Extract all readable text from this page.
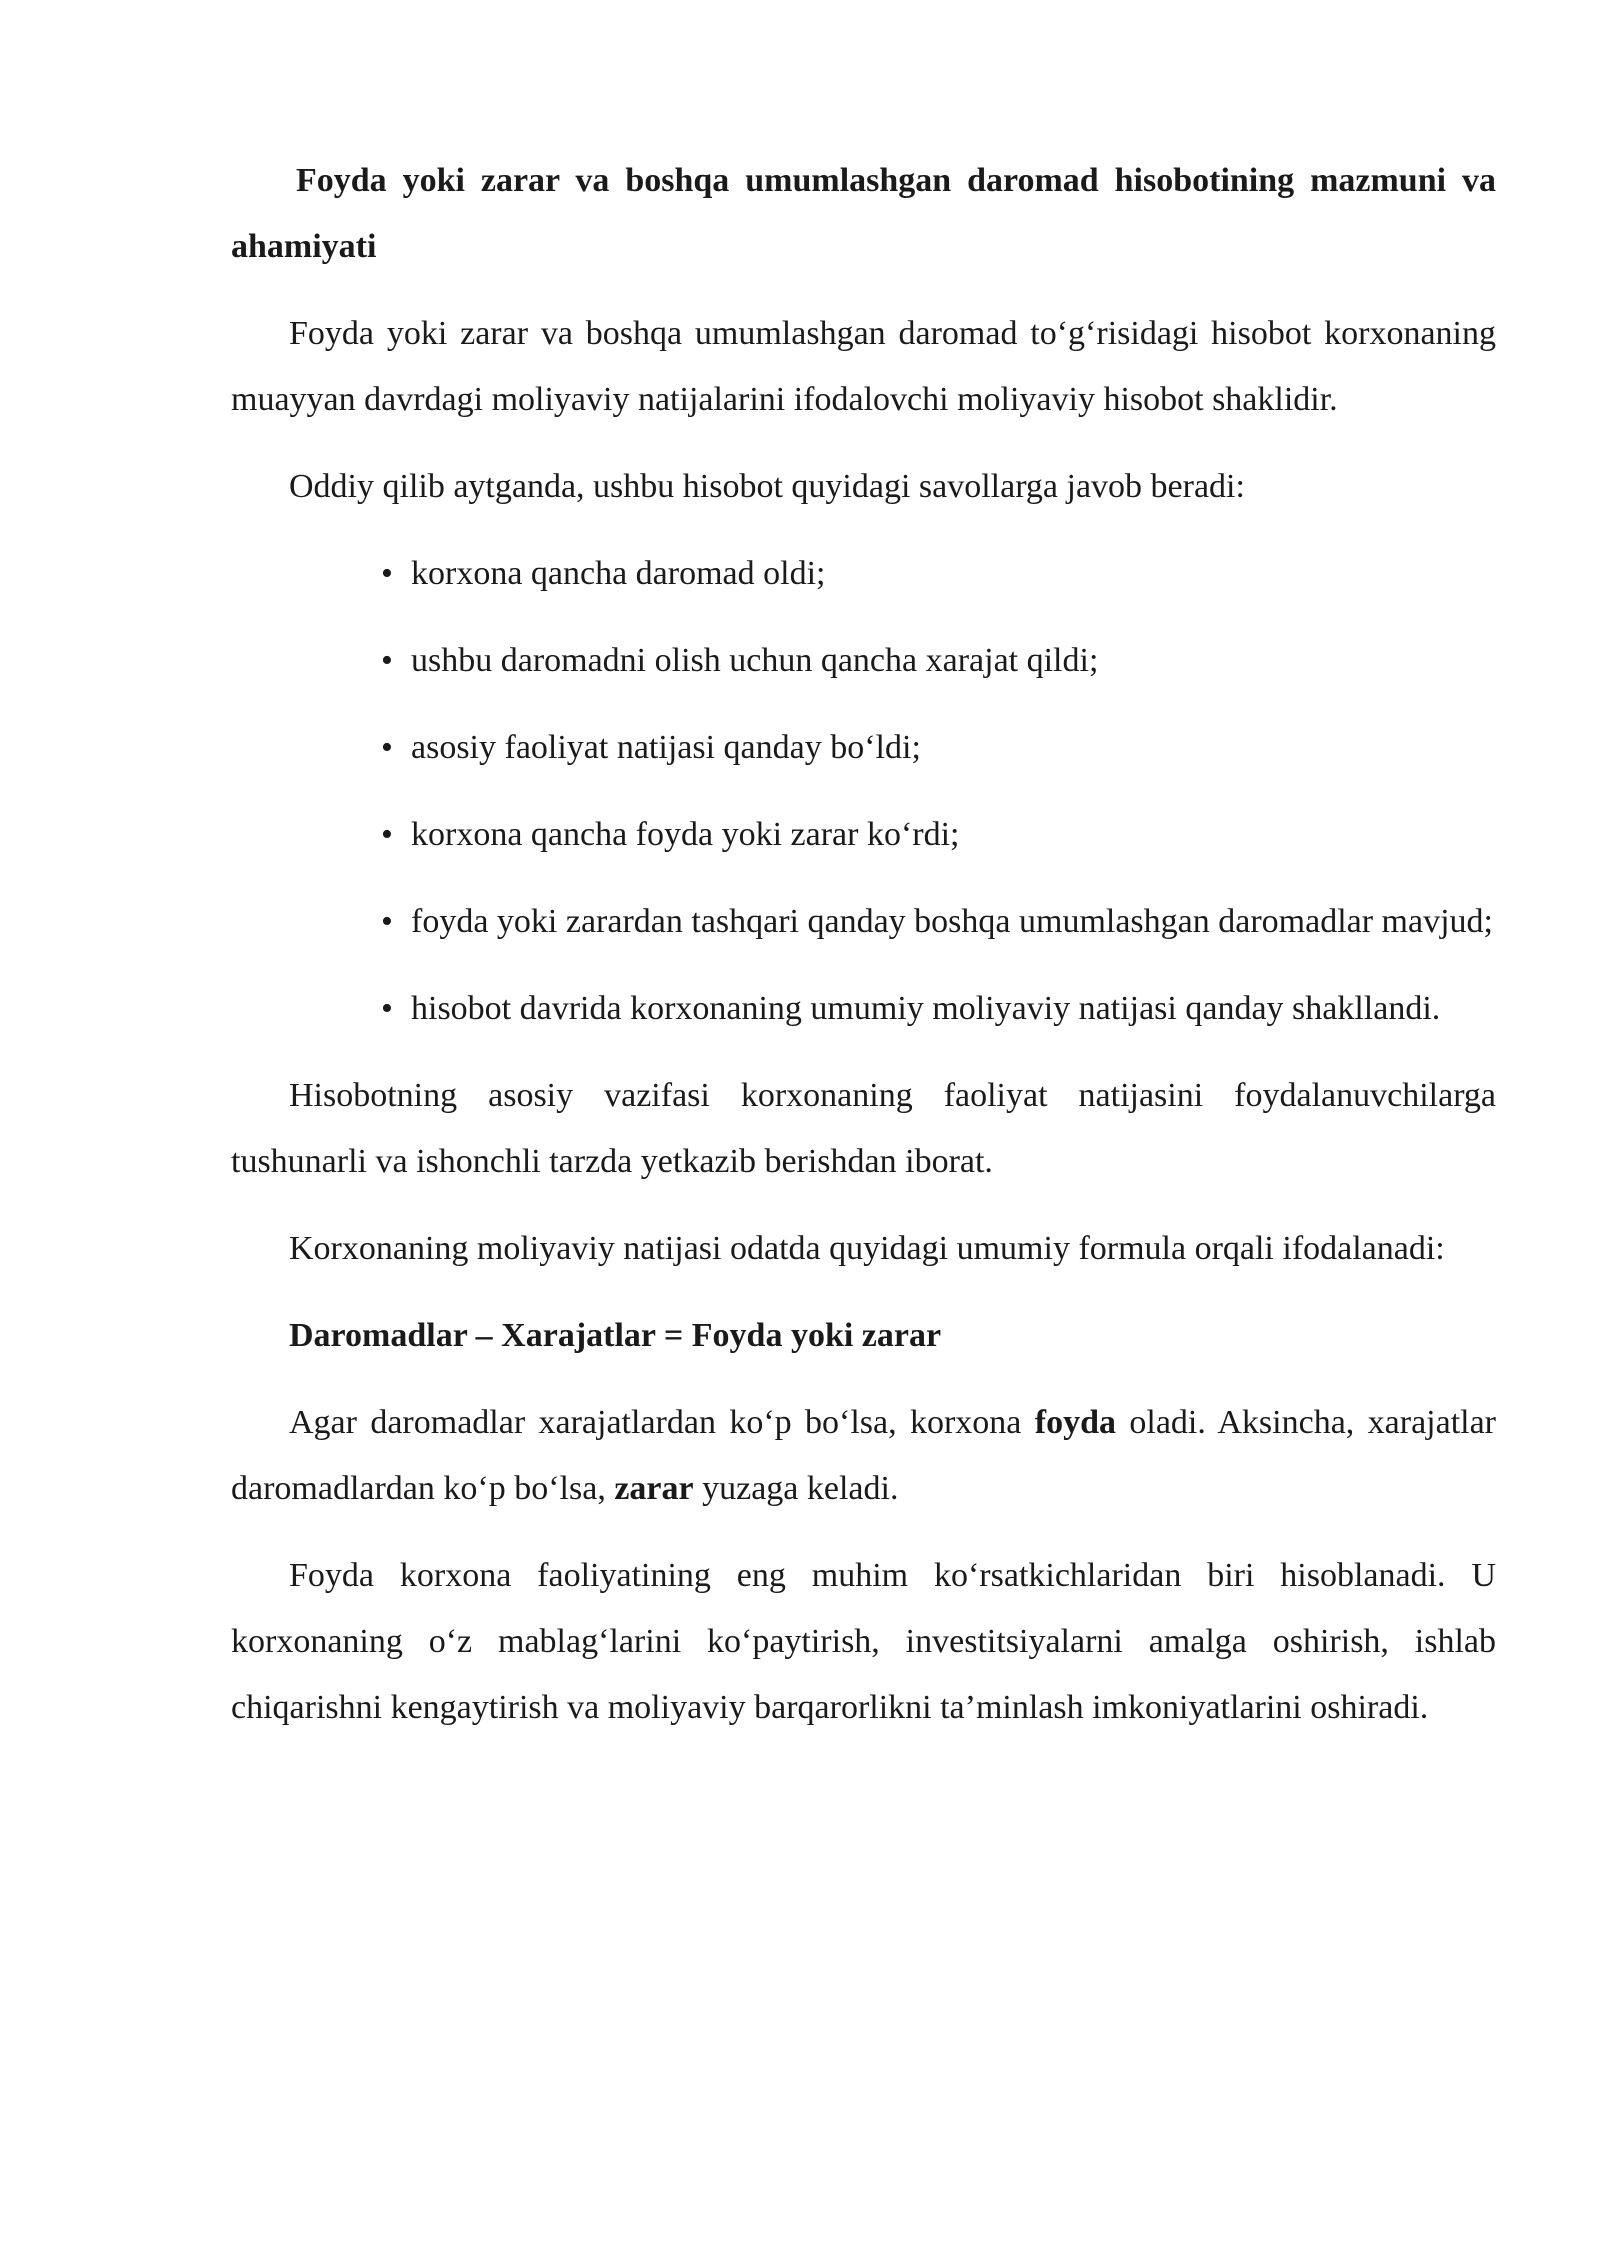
Foyda yoki zarar va boshqa umumlashgan daromad hisobotining mazmuni va ahamiyati

Foyda yoki zarar va boshqa umumlashgan daromad to‘g‘risidagi hisobot korxonaning muayyan davrdagi moliyaviy natijalarini ifodalovchi moliyaviy hisobot shaklidir.

Oddiy qilib aytganda, ushbu hisobot quyidagi savollarga javob beradi:

• korxona qancha daromad oldi;
• ushbu daromadni olish uchun qancha xarajat qildi;
• asosiy faoliyat natijasi qanday bo‘ldi;
• korxona qancha foyda yoki zarar ko‘rdi;
• foyda yoki zarardan tashqari qanday boshqa umumlashgan daromadlar mavjud;
• hisobot davrida korxonaning umumiy moliyaviy natijasi qanday shakllandi.

Hisobotning asosiy vazifasi korxonaning faoliyat natijasini foydalanuvchilarga tushunarli va ishonchli tarzda yetkazib berishdan iborat.

Korxonaning moliyaviy natijasi odatda quyidagi umumiy formula orqali ifodalanadi:

Daromadlar – Xarajatlar = Foyda yoki zarar

Agar daromadlar xarajatlardan ko‘p bo‘lsa, korxona foyda oladi. Aksincha, xarajatlar daromadlardan ko‘p bo‘lsa, zarar yuzaga keladi.

Foyda korxona faoliyatining eng muhim ko‘rsatkichlaridan biri hisoblanadi. U korxonaning o‘z mablag‘larini ko‘paytirish, investitsiyalarni amalga oshirish, ishlab chiqarishni kengaytirish va moliyaviy barqarorlikni ta’minlash imkoniyatlarini oshiradi.
